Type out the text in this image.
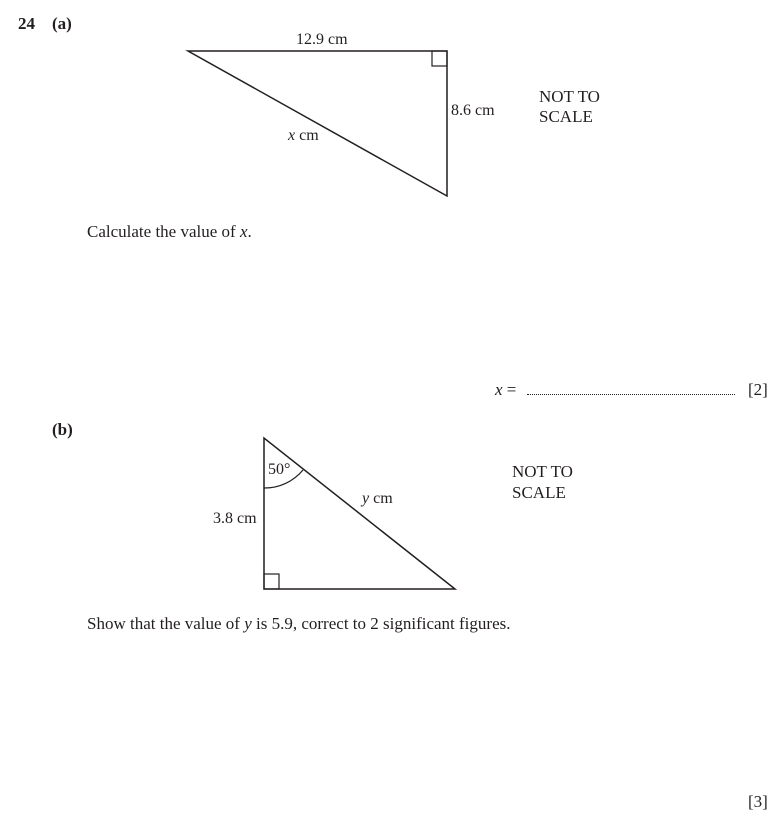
24 (a)
12.9 cm
8.6 cm
x cm
NOT TO
SCALE
Calculate the value of x.
x =	[2]
(b)
50°
3.8 cm
y cm
NOT TO
SCALE
Show that the value of y is 5.9, correct to 2 significant figures.
[3]
